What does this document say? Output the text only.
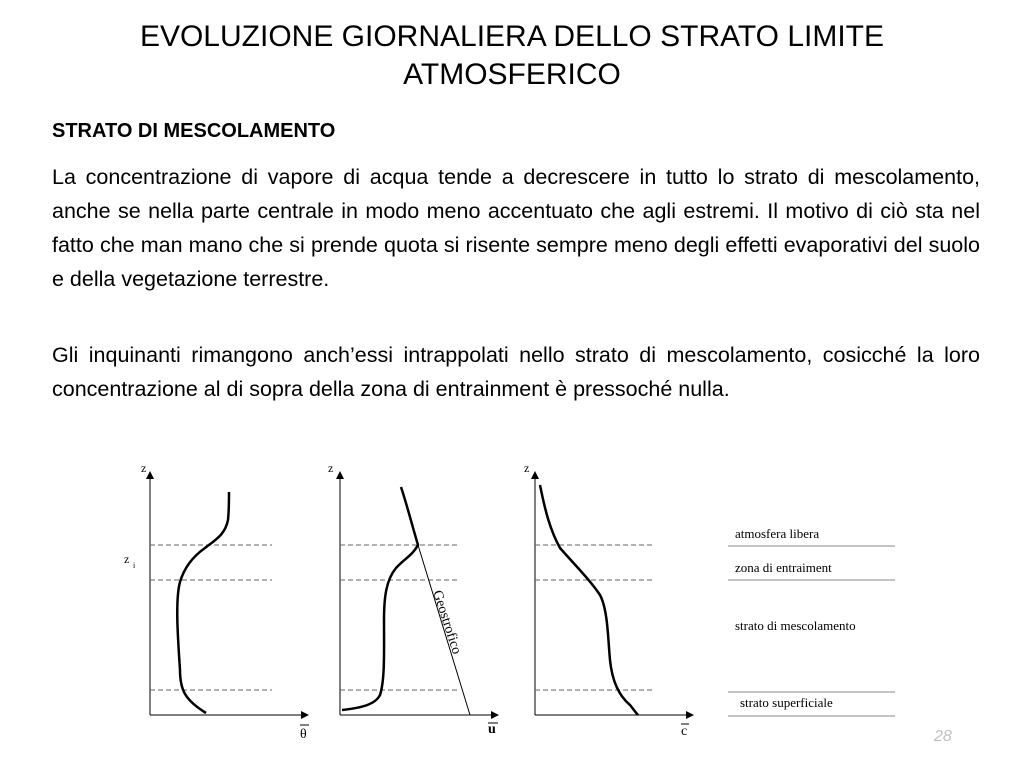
EVOLUZIONE GIORNALIERA DELLO STRATO LIMITE ATMOSFERICO
STRATO DI MESCOLAMENTO
La concentrazione di vapore di acqua tende a decrescere in tutto lo strato di mescolamento, anche se nella parte centrale in modo meno accentuato che agli estremi. Il motivo di ciò sta nel fatto che man mano che si prende quota si risente sempre meno degli effetti evaporativi del suolo e della vegetazione terrestre.
Gli inquinanti rimangono anch’essi intrappolati nello strato di mescolamento, cosicché la loro concentrazione al di sopra della zona di entrainment è pressoché nulla.
z
z i
θ
z
Geostrofico
u
z
c
atmosfera libera
zona di entraiment
strato di mescolamento
strato superficiale
28
